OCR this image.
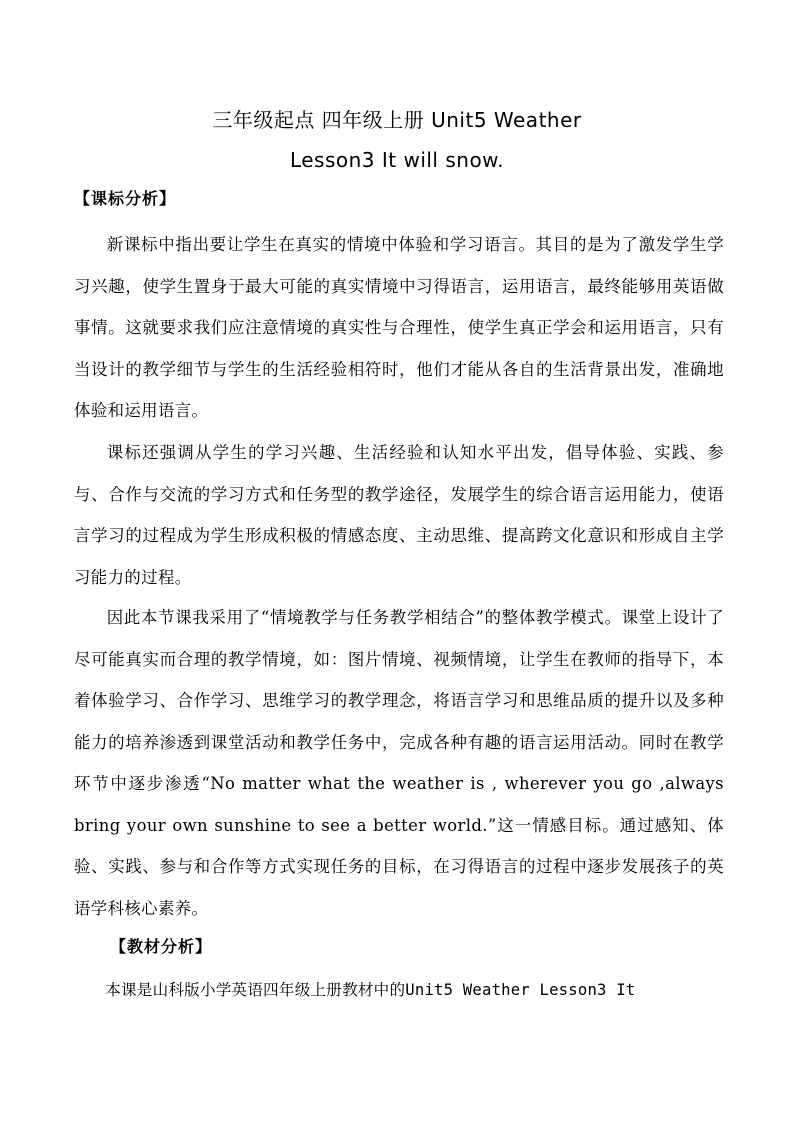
三年级起点 四年级上册 Unit5 Weather
Lesson3 It will snow.
【课标分析】
新课标中指出要让学生在真实的情境中体验和学习语言。其目的是为了激发学生学习兴趣，使学生置身于最大可能的真实情境中习得语言，运用语言，最终能够用英语做事情。这就要求我们应注意情境的真实性与合理性，使学生真正学会和运用语言，只有当设计的教学细节与学生的生活经验相符时，他们才能从各自的生活背景出发，准确地体验和运用语言。
课标还强调从学生的学习兴趣、生活经验和认知水平出发，倡导体验、实践、参与、合作与交流的学习方式和任务型的教学途径，发展学生的综合语言运用能力，使语言学习的过程成为学生形成积极的情感态度、主动思维、提高跨文化意识和形成自主学习能力的过程。
因此本节课我采用了“情境教学与任务教学相结合”的整体教学模式。课堂上设计了尽可能真实而合理的教学情境，如：图片情境、视频情境，让学生在教师的指导下，本着体验学习、合作学习、思维学习的教学理念，将语言学习和思维品质的提升以及多种能力的培养渗透到课堂活动和教学任务中，完成各种有趣的语言运用活动。同时在教学环节中逐步渗透“No matter what the weather is , wherever you go ,always bring your own sunshine to see a better world.”这一情感目标。通过感知、体验、实践、参与和合作等方式实现任务的目标，在习得语言的过程中逐步发展孩子的英语学科核心素养。
【教材分析】
本课是山科版小学英语四年级上册教材中的Unit5 Weather Lesson3 It
